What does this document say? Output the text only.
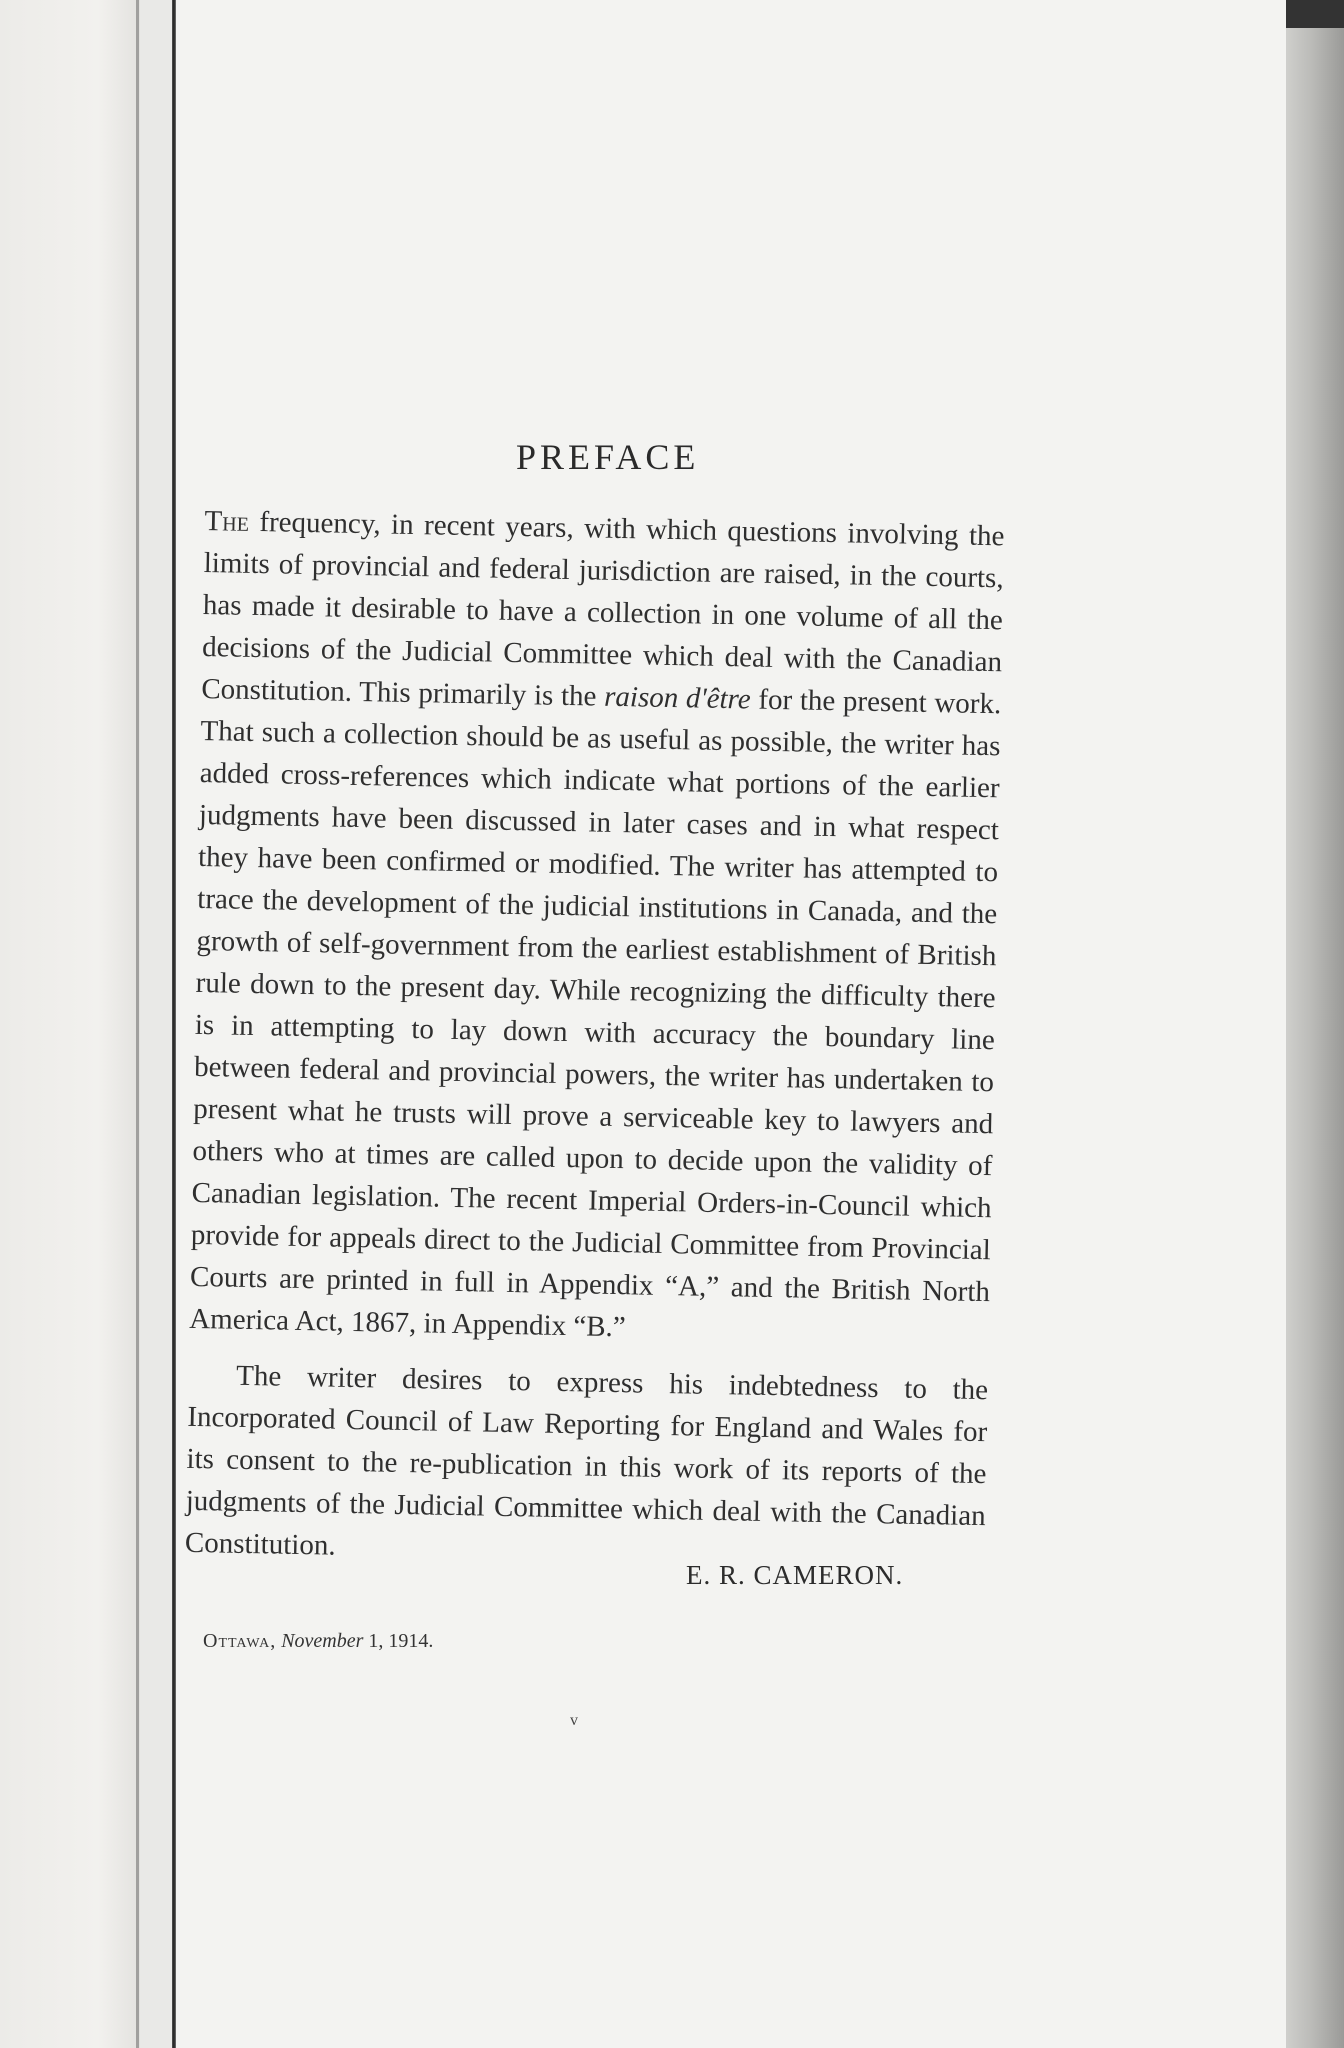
PREFACE

The frequency, in recent years, with which questions involving the limits of provincial and federal jurisdiction are raised, in the courts, has made it desirable to have a collection in one volume of all the decisions of the Judicial Committee which deal with the Canadian Constitution. This primarily is the raison d'être for the present work. That such a collection should be as useful as possible, the writer has added cross-references which indicate what portions of the earlier judgments have been discussed in later cases and in what respect they have been confirmed or modified. The writer has attempted to trace the development of the judicial institutions in Canada, and the growth of self-government from the earliest establishment of British rule down to the present day. While recognizing the difficulty there is in attempting to lay down with accuracy the boundary line between federal and provincial powers, the writer has undertaken to present what he trusts will prove a serviceable key to lawyers and others who at times are called upon to decide upon the validity of Canadian legislation. The recent Imperial Orders-in-Council which provide for appeals direct to the Judicial Committee from Provincial Courts are printed in full in Appendix “A,” and the British North America Act, 1867, in Appendix “B.”

The writer desires to express his indebtedness to the Incorporated Council of Law Reporting for England and Wales for its consent to the re-publication in this work of its reports of the judgments of the Judicial Committee which deal with the Canadian Constitution.

E. R. CAMERON.
Ottawa, November 1, 1914.
v
